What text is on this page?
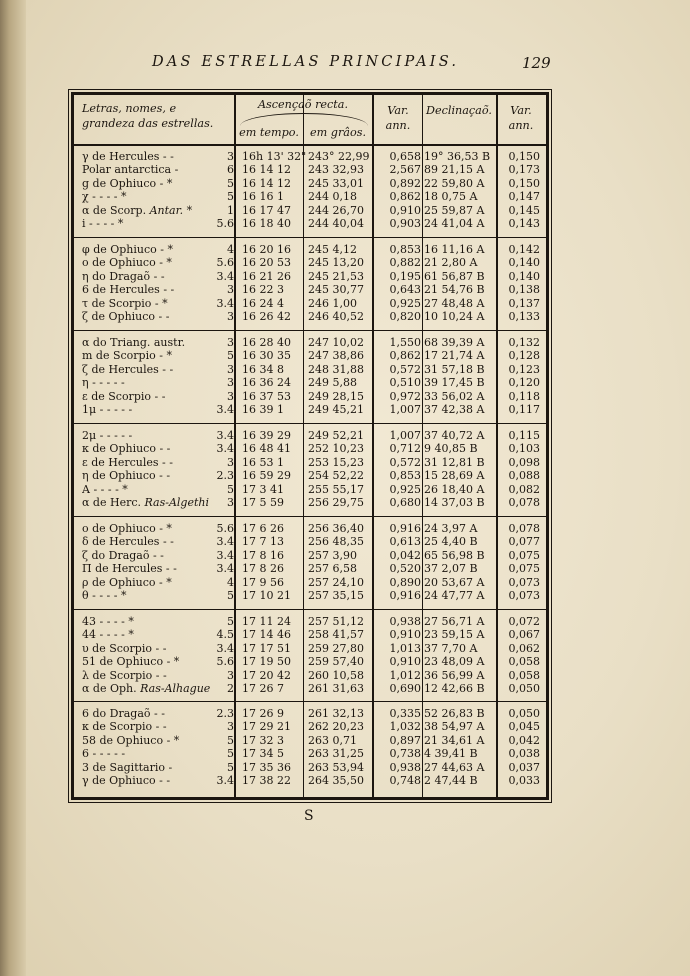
DAS ESTRELLAS PRINCIPAIS.	129
Letras, nomes, e grandeza das estrellas.
Ascençaõ recta.
em tempo. em grâos.
Var. ann.
Declinaçaõ.	Var. ann.
γ de Hercules - -	3 16h 13' 32" 243° 22,99	0,658 19° 36,53 B	0,150
Polar antarctica -	6 16 14 12	243 32,93	2,567 89 21,15 A	0,173
g de Ophiuco - *	5 16 14 12	245 33,01	0,892 22 59,80 A	0,150
χ - - - - *	5 16 16 1	244 0,18	0,862 18 0,75 A	0,147
α de Scorp. Antar. *	1 16 17 47	244 26,70	0,910 25 59,87 A	0,145
i - - - - *	5.6 16 18 40	244 40,04	0,903 24 41,04 A	0,143
φ de Ophiuco - *	4 16 20 16	245 4,12	0,853 16 11,16 A	0,142
o de Ophiuco - *	5.6 16 20 53	245 13,20	0,882 21 2,80 A	0,140
η do Dragaõ - -	3.4 16 21 26	245 21,53	0,195 61 56,87 B	0,140
6 de Hercules - -	3 16 22 3	245 30,77	0,643 21 54,76 B	0,138
τ de Scorpio - *	3.4 16 24 4	246 1,00	0,925 27 48,48 A	0,137
ζ de Ophiuco - -	3 16 26 42	246 40,52	0,820 10 10,24 A	0,133
α do Triang. austr.	3 16 28 40	247 10,02	1,550 68 39,39 A	0,132
m de Scorpio - *	5 16 30 35	247 38,86	0,862 17 21,74 A	0,128
ζ de Hercules - -	3 16 34 8	248 31,88	0,572 31 57,18 B	0,123
η - - - - -	3 16 36 24	249 5,88	0,510 39 17,45 B	0,120
ε de Scorpio - -	3 16 37 53	249 28,15	0,972 33 56,02 A	0,118
1μ - - - - -	3.4 16 39 1	249 45,21	1,007 37 42,38 A	0,117
2μ - - - - -	3.4 16 39 29	249 52,21	1,007 37 40,72 A	0,115
κ de Ophiuco - -	3.4 16 48 41	252 10,23	0,712 9 40,85 B	0,103
ε de Hercules - -	3 16 53 1	253 15,23	0,572 31 12,81 B	0,098
η de Ophiuco - -	2.3 16 59 29	254 52,22	0,853 15 28,69 A	0,088
A - - - - *	5 17 3 41	255 55,17	0,925 26 18,40 A	0,082
α de Herc. Ras-Algethi	3 17 5 59	256 29,75	0,680 14 37,03 B	0,078
o de Ophiuco - *	5.6 17 6 26	256 36,40	0,916 24 3,97 A	0,078
δ de Hercules - -	3.4 17 7 13	256 48,35	0,613 25 4,40 B	0,077
ζ do Dragaõ - -	3.4 17 8 16	257 3,90	0,042 65 56,98 B	0,075
Π de Hercules - -	3.4 17 8 26	257 6,58	0,520 37 2,07 B	0,075
ρ de Ophiuco - *	4 17 9 56	257 24,10	0,890 20 53,67 A	0,073
θ - - - - *	5 17 10 21	257 35,15	0,916 24 47,77 A	0,073
43 - - - - *	5 17 11 24	257 51,12	0,938 27 56,71 A	0,072
44 - - - - *	4.5 17 14 46	258 41,57	0,910 23 59,15 A	0,067
υ de Scorpio - -	3.4 17 17 51	259 27,80	1,013 37 7,70 A	0,062
51 de Ophiuco - *	5.6 17 19 50	259 57,40	0,910 23 48,09 A	0,058
λ de Scorpio - -	3 17 20 42	260 10,58	1,012 36 56,99 A	0,058
α de Oph. Ras-Alhague	2 17 26 7	261 31,63	0,690 12 42,66 B	0,050
6 do Dragaõ - -	2.3 17 26 9	261 32,13	0,335 52 26,83 B	0,050
κ de Scorpio - -	3 17 29 21	262 20,23	1,032 38 54,97 A	0,045
58 de Ophiuco - *	5 17 32 3	263 0,71	0,897 21 34,61 A	0,042
6 - - - - -	5 17 34 5	263 31,25	0,738 4 39,41 B	0,038
3 de Sagittario -	5 17 35 36	263 53,94	0,938 27 44,63 A	0,037
γ de Ophiuco - -	3.4 17 38 22	264 35,50	0,748 2 47,44 B	0,033
S
